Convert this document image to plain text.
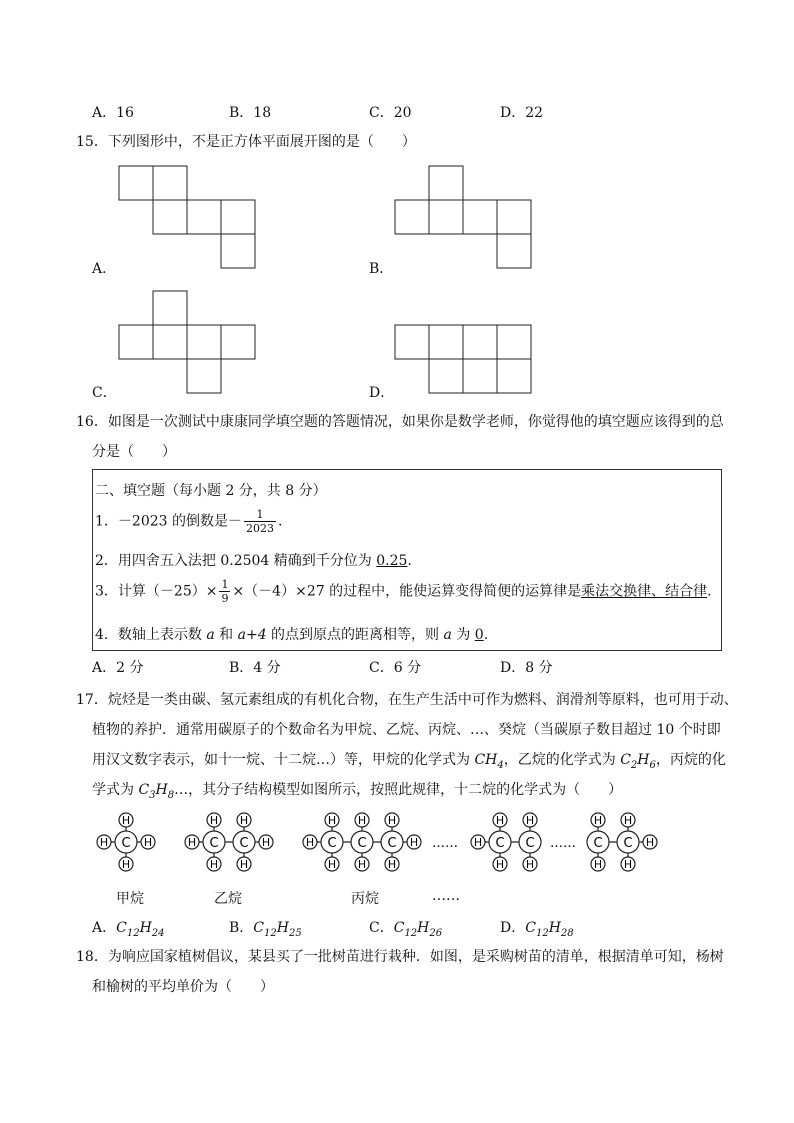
A．16	B．18	C．20	D．22
15．下列图形中，不是正方体平面展开图的是（　　）
A．	B．
C．	D．
16．如图是一次测试中康康同学填空题的答题情况，如果你是数学老师，你觉得他的填空题应该得到的总
分是（　　）
二、填空题（每小题 2 分，共 8 分）
1．－2023 的倒数是－ $\frac{1}{2023}$ .
2．用四舍五入法把 0.2504 精确到千分位为 0.25.
3．计算$(-25)\times \frac{1}{9} \times(-4)\times 27$ 的过程中，能使运算变得简便的运算律是乘法交换律、结合律.
4．数轴上表示数 a 和 a+4 的点到原点的距离相等，则 a 为 0.
A．2 分	B．4 分	C．6 分	D．8 分
17．烷烃是一类由碳、氢元素组成的有机化合物，在生产生活中可作为燃料、润滑剂等原料，也可用于动、
植物的养护．通常用碳原子的个数命名为甲烷、乙烷、丙烷、…、癸烷（当碳原子数目超过 10 个时即
用汉文数字表示，如十一烷、十二烷…）等，甲烷的化学式为 $CH_4$，乙烷的化学式为 $C_2H_6$，丙烷的化
学式为 $C_3H_8\dots$，其分子结构模型如图所示，按照此规律，十二烷的化学式为（　　）
H
H
H	H
C
H
H
H
H
H	H
C C
H
H
H
H
H
H
H	H
C C C	……
H
H
H
H
H C C ……
H
H
H
H
H
C C
甲烷	乙烷	丙烷	……
A．$C_{12}H_{24}$	B．$C_{12}H_{25}$	C．$C_{12}H_{26}$	D．$C_{12}H_{28}$
18．为响应国家植树倡议，某县买了一批树苗进行栽种．如图，是采购树苗的清单，根据清单可知，杨树
和榆树的平均单价为（　　）
